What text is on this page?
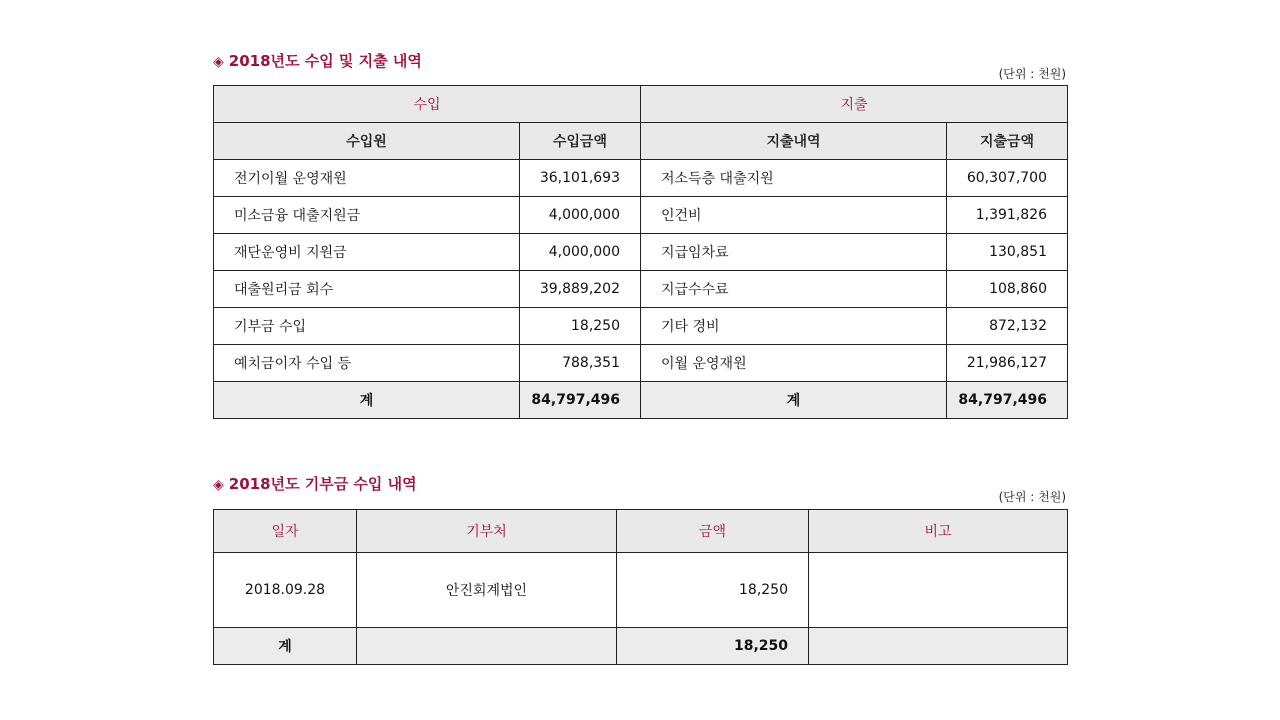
◈ 2018년도 수입 및 지출 내역
(단위 : 천원)
수입		지출	
수입원	수입금액	지출내역	지출금액
전기이월 운영재원	36,101,693	저소득층 대출지원	60,307,700
미소금융 대출지원금	4,000,000	인건비	1,391,826
재단운영비 지원금	4,000,000	지급임차료	130,851
대출원리금 회수	39,889,202	지급수수료	108,860
기부금 수입	18,250	기타 경비	872,132
예치금이자 수입 등	788,351	이월 운영재원	21,986,127
계	84,797,496	계	84,797,496
◈ 2018년도 기부금 수입 내역
(단위 : 천원)
일자	기부처	금액	비고
2018.09.28	안진회계법인	18,250	
계		18,250	
